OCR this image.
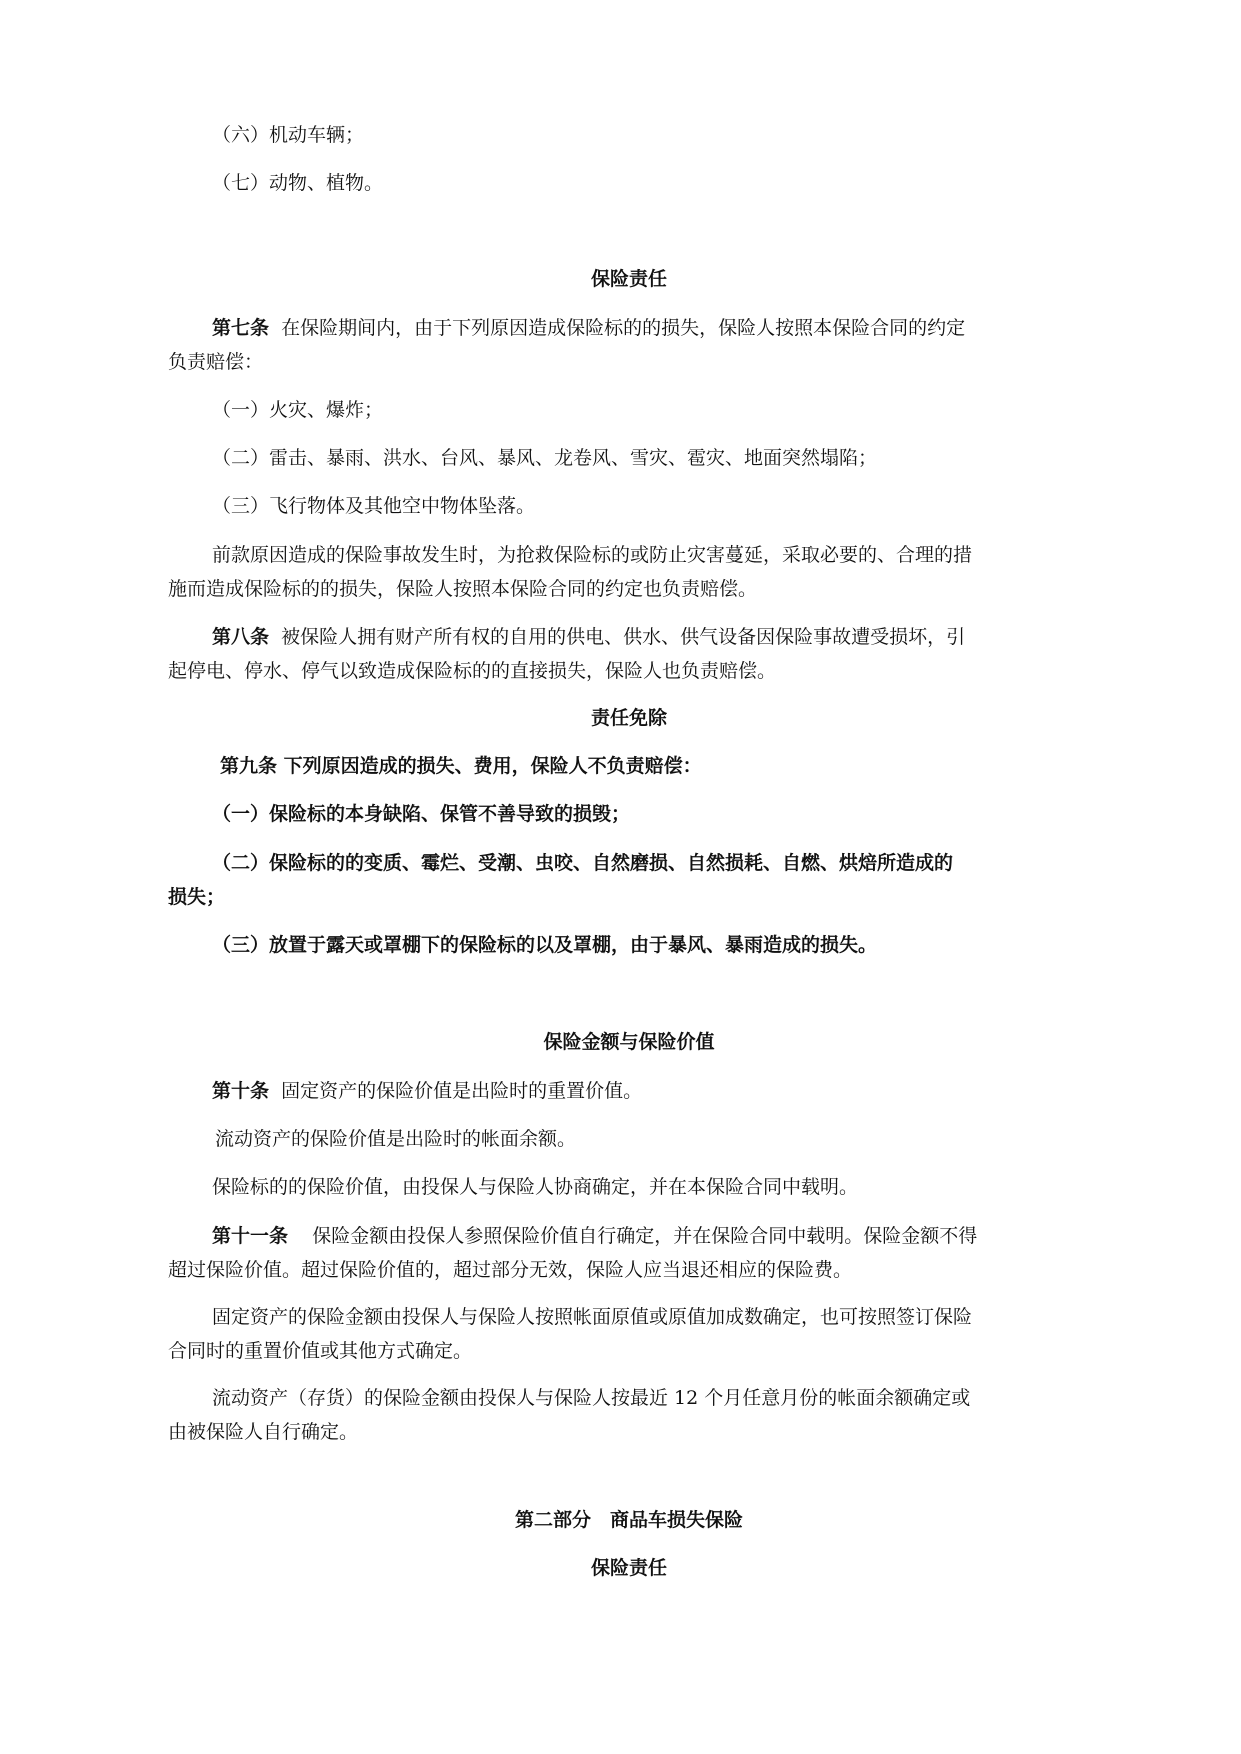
（六）机动车辆；
（七）动物、植物。
保险责任
第七条 在保险期间内，由于下列原因造成保险标的的损失，保险人按照本保险合同的约定
负责赔偿：
（一）火灾、爆炸；
（二）雷击、暴雨、洪水、台风、暴风、龙卷风、雪灾、雹灾、地面突然塌陷；
（三）飞行物体及其他空中物体坠落。
前款原因造成的保险事故发生时，为抢救保险标的或防止灾害蔓延，采取必要的、合理的措
施而造成保险标的的损失，保险人按照本保险合同的约定也负责赔偿。
第八条 被保险人拥有财产所有权的自用的供电、供水、供气设备因保险事故遭受损坏，引
起停电、停水、停气以致造成保险标的的直接损失，保险人也负责赔偿。
责任免除
第九条 下列原因造成的损失、费用，保险人不负责赔偿：
（一）保险标的本身缺陷、保管不善导致的损毁；
（二）保险标的的变质、霉烂、受潮、虫咬、自然磨损、自然损耗、自燃、烘焙所造成的
损失；
（三）放置于露天或罩棚下的保险标的以及罩棚，由于暴风、暴雨造成的损失。
保险金额与保险价值
第十条 固定资产的保险价值是出险时的重置价值。
流动资产的保险价值是出险时的帐面余额。
保险标的的保险价值，由投保人与保险人协商确定，并在本保险合同中载明。
第十一条 保险金额由投保人参照保险价值自行确定，并在保险合同中载明。保险金额不得
超过保险价值。超过保险价值的，超过部分无效，保险人应当退还相应的保险费。
固定资产的保险金额由投保人与保险人按照帐面原值或原值加成数确定，也可按照签订保险
合同时的重置价值或其他方式确定。
流动资产（存货）的保险金额由投保人与保险人按最近 12 个月任意月份的帐面余额确定或
由被保险人自行确定。
第二部分　商品车损失保险
保险责任
